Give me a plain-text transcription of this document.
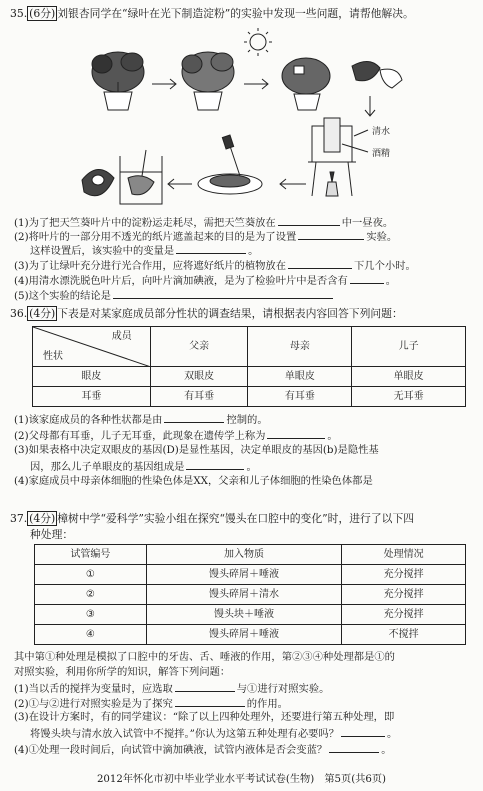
35. (6分) 刘银杏同学在“绿叶在光下制造淀粉”的实验中发现一些问题，请帮他解决。
清水
酒精
(1)为了把天竺葵叶片中的淀粉运走耗尽，需把天竺葵放在	中一昼夜。
(2)将叶片的一部分用不透光的纸片遮盖起来的目的是为了设置	实验。
这样设置后，该实验中的变量是	。
(3)为了让绿叶充分进行光合作用，应将遮好纸片的植物放在	下几个小时。
(4)用清水漂洗脱色叶片后，向叶片滴加碘液，是为了检验叶片中是否含有	。
(5)这个实验的结论是
36. (4分) 下表是对某家庭成员部分性状的调查结果，请根据表内容回答下列问题：
成员
性状	父亲	母亲	儿子
眼皮	双眼皮	单眼皮	单眼皮
耳垂	有耳垂	有耳垂	无耳垂
(1)该家庭成员的各种性状都是由	控制的。
(2)父母都有耳垂，儿子无耳垂，此现象在遗传学上称为	。
(3)如果表格中决定双眼皮的基因(D)是显性基因，决定单眼皮的基因(b)是隐性基
因，那么儿子单眼皮的基因组成是	。
(4)家庭成员中母亲体细胞的性染色体是XX，父亲和儿子体细胞的性染色体都是
37. (4分) 樟树中学“爱科学”实验小组在探究“馒头在口腔中的变化”时，进行了以下四
种处理：
试管编号	加入物质	处理情况
①	馒头碎屑＋唾液	充分搅拌
②	馒头碎屑＋清水	充分搅拌
③	馒头块＋唾液	充分搅拌
④	馒头碎屑＋唾液	不搅拌
其中第①种处理是模拟了口腔中的牙齿、舌、唾液的作用，第②③④种处理都是①的
对照实验，利用你所学的知识，解答下列问题：
(1)当以舌的搅拌为变量时，应选取	与①进行对照实验。
(2)①与②进行对照实验是为了探究	的作用。
(3)在设计方案时，有的同学建议：“除了以上四种处理外，还要进行第五种处理，即
将馒头块与清水放入试管中不搅拌。”你认为这第五种处理有必要吗？	。
(4)①处理一段时间后，向试管中滴加碘液，试管内液体是否会变蓝？	。
2012年怀化市初中毕业学业水平考试试卷(生物)　第5页(共6页)
